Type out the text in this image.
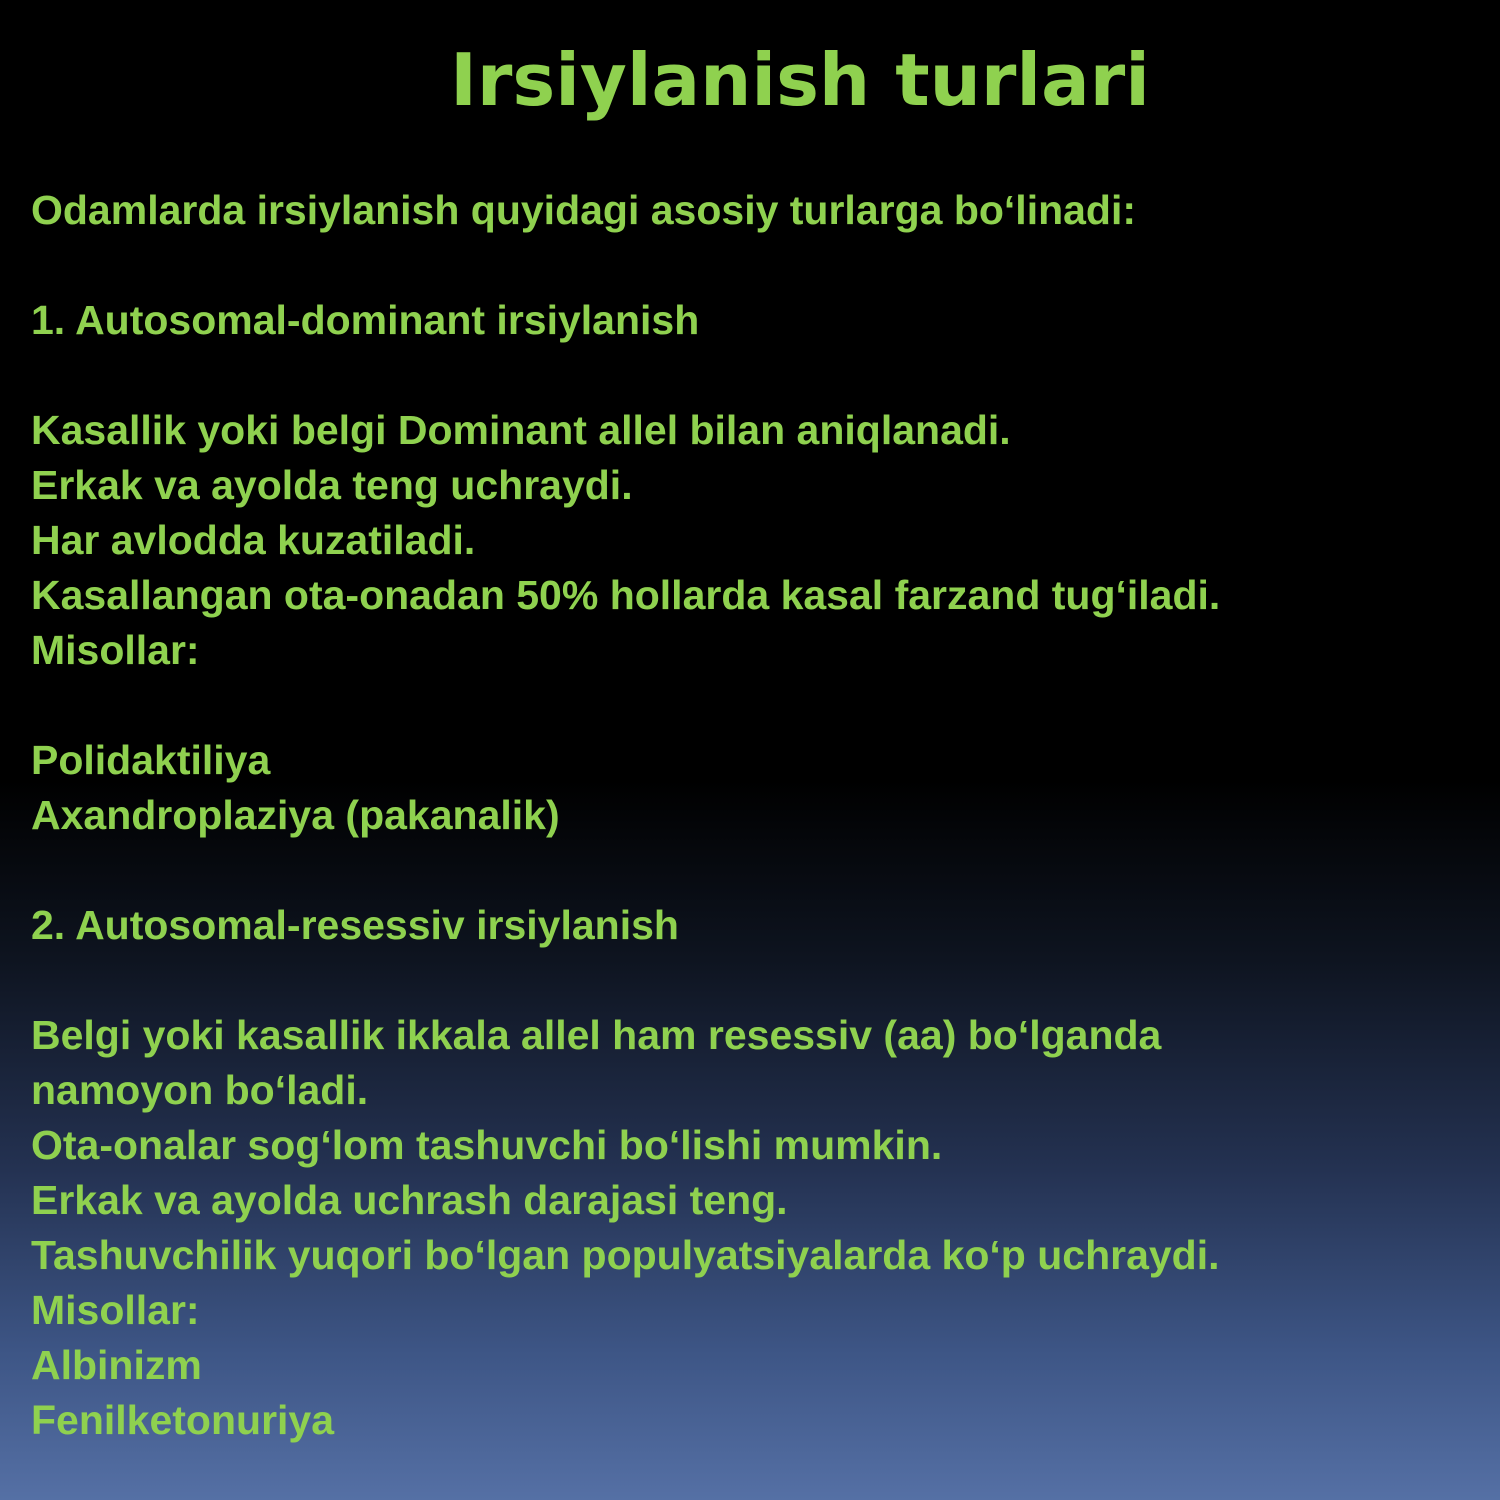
Irsiylanish turlari
Odamlarda irsiylanish quyidagi asosiy turlarga bo‘linadi:
1. Autosomal-dominant irsiylanish
Kasallik yoki belgi Dominant allel bilan aniqlanadi.
Erkak va ayolda teng uchraydi.
Har avlodda kuzatiladi.
Kasallangan ota-onadan 50% hollarda kasal farzand tug‘iladi.
Misollar:
Polidaktiliya
Axandroplaziya (pakanalik)
2. Autosomal-resessiv irsiylanish
Belgi yoki kasallik ikkala allel ham resessiv (aa) bo‘lganda
namoyon bo‘ladi.
Ota-onalar sog‘lom tashuvchi bo‘lishi mumkin.
Erkak va ayolda uchrash darajasi teng.
Tashuvchilik yuqori bo‘lgan populyatsiyalarda ko‘p uchraydi.
Misollar:
Albinizm
Fenilketonuriya
